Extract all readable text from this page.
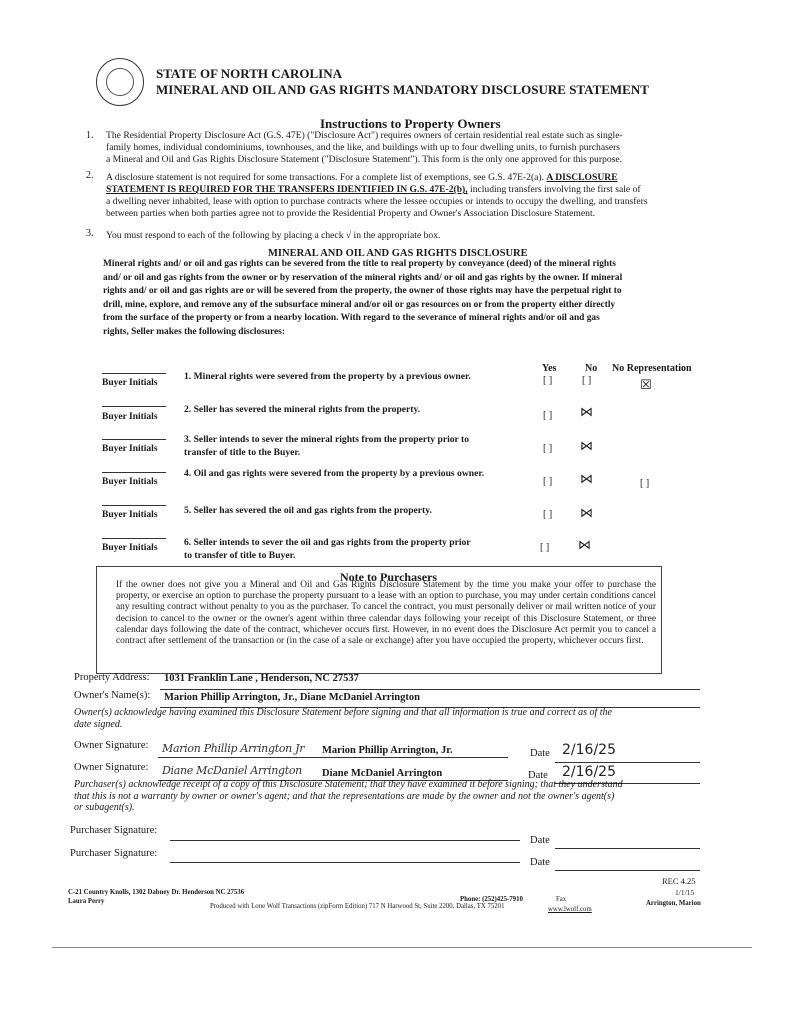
STATE OF NORTH CAROLINA
MINERAL AND OIL AND GAS RIGHTS MANDATORY DISCLOSURE STATEMENT
Instructions to Property Owners
1. The Residential Property Disclosure Act (G.S. 47E) ("Disclosure Act") requires owners of certain residential real estate such as single-
family homes, individual condominiums, townhouses, and the like, and buildings with up to four dwelling units, to furnish purchasers
a Mineral and Oil and Gas Rights Disclosure Statement ("Disclosure Statement"). This form is the only one approved for this purpose.
2. A disclosure statement is not required for some transactions. For a complete list of exemptions, see G.S. 47E-2(a). A DISCLOSURE
STATEMENT IS REQUIRED FOR THE TRANSFERS IDENTIFIED IN G.S. 47E-2(b), including transfers involving the first sale of
a dwelling never inhabited, lease with option to purchase contracts where the lessee occupies or intends to occupy the dwelling, and transfers
between parties when both parties agree not to provide the Residential Property and Owner's Association Disclosure Statement.
3. You must respond to each of the following by placing a check √ in the appropriate box.
MINERAL AND OIL AND GAS RIGHTS DISCLOSURE
Mineral rights and/ or oil and gas rights can be severed from the title to real property by conveyance (deed) of the mineral rights
and/ or oil and gas rights from the owner or by reservation of the mineral rights and/ or oil and gas rights by the owner. If mineral
rights and/ or oil and gas rights are or will be severed from the property, the owner of those rights may have the perpetual right to
drill, mine, explore, and remove any of the subsurface mineral and/or oil or gas resources on or from the property either directly
from the surface of the property or from a nearby location. With regard to the severance of mineral rights and/or oil and gas
rights, Seller makes the following disclosures:
Yes	No No Representation
Buyer Initials
1. Mineral rights were severed from the property by a previous owner.	[ ]	[ ]	☒
Buyer Initials
2. Seller has severed the mineral rights from the property.
[ ] ⋈
Buyer Initials
3. Seller intends to sever the mineral rights from the property prior to
transfer of title to the Buyer.	[ ] ⋈
Buyer Initials
4. Oil and gas rights were severed from the property by a previous owner.
[ ] ⋈	[ ]
Buyer Initials	5. Seller has severed the oil and gas rights from the property.	[ ] ⋈
Buyer Initials	6. Seller intends to sever the oil and gas rights from the property prior
to transfer of title to Buyer.
[ ] ⋈
Note to Purchasers
If the owner does not give you a Mineral and Oil and Gas Rights Disclosure Statement by the time you make your offer to purchase the property, or exercise an option to purchase the property pursuant to a lease with an option to purchase, you may under certain conditions cancel any resulting contract without penalty to you as the purchaser. To cancel the contract, you must personally deliver or mail written notice of your decision to cancel to the owner or the owner's agent within three calendar days following your receipt of this Disclosure Statement, or three calendar days following the date of the contract, whichever occurs first. However, in no event does the Disclosure Act permit you to cancel a contract after settlement of the transaction or (in the case of a sale or exchange) after you have occupied the property, whichever occurs first.
Property Address: 1031 Franklin Lane , Henderson, NC 27537
Owner's Name(s): Marion Phillip Arrington, Jr., Diane McDaniel Arrington
Owner(s) acknowledge having examined this Disclosure Statement before signing and that all information is true and correct as of the
date signed.
Owner Signature: Marion Phillip Arrington Jr Marion Phillip Arrington, Jr.	Date 2/16/25
Owner Signature: Diane McDaniel Arrington Diane McDaniel Arrington	Date 2/16/25
Purchaser(s) acknowledge receipt of a copy of this Disclosure Statement; that they have examined it before signing; that they understand
that this is not a warranty by owner or owner's agent; and that the representations are made by the owner and not the owner's agent(s)
or subagent(s).
Purchaser Signature:
Date
Purchaser Signature:
Date
REC 4.25
1/1/15
C-21 Country Knolls, 1302 Dabney Dr. Henderson NC 27536
Laura Perry	Phone: (252)425-7910	Fax
Arrington, Marion
Produced with Lone Wolf Transactions (zipForm Edition) 717 N Harwood St, Suite 2200, Dallas, TX 75201	www.lwolf.com
